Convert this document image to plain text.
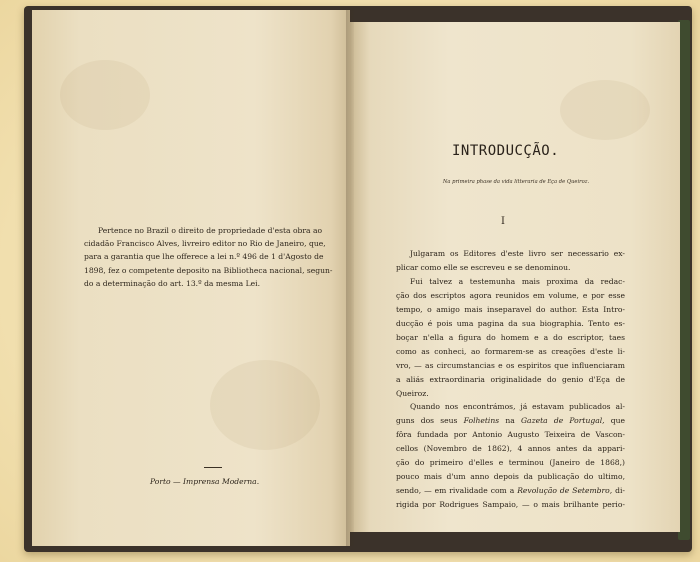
Pertence no Brazil o direito de propriedade d'esta obra ao
cidadão Francisco Alves, livreiro editor no Rio de Janeiro, que,
para a garantia que lhe offerece a lei n.º 496 de 1 d'Agosto de
1898, fez o competente deposito na Bibliotheca nacional, segun-
do a determinação do art. 13.º da mesma Lei.
Porto — Imprensa Moderna.
INTRODUCÇÃO.
Na primeira phase da vida litteraria de Eça de Queiroz.
I
Julgaram os Editores d'este livro ser necessario ex-
plicar como elle se escreveu e se denominou.
Fui talvez a testemunha mais proxima da redac-
ção dos escriptos agora reunidos em volume, e por esse
tempo, o amigo mais inseparavel do author. Esta Intro-
ducção é pois uma pagina da sua biographia. Tento es-
boçar n'ella a figura do homem e a do escriptor, taes
como as conheci, ao formarem-se as creações d'este li-
vro, — as circumstancias e os espiritos que influenciaram
a aliás extraordinaria originalidade do genio d'Eça de
Queiroz.
Quando nos encontrámos, já estavam publicados al-
guns dos seus Folhetins na Gazeta de Portugal, que
fôra fundada por Antonio Augusto Teixeira de Vascon-
cellos (Novembro de 1862), 4 annos antes da appari-
ção do primeiro d'elles e terminou (Janeiro de 1868,)
pouco mais d'um anno depois da publicação do ultimo,
sendo, — em rivalidade com a Revolução de Setembro, di-
rigida por Rodrigues Sampaio, — o mais brilhante perio-
